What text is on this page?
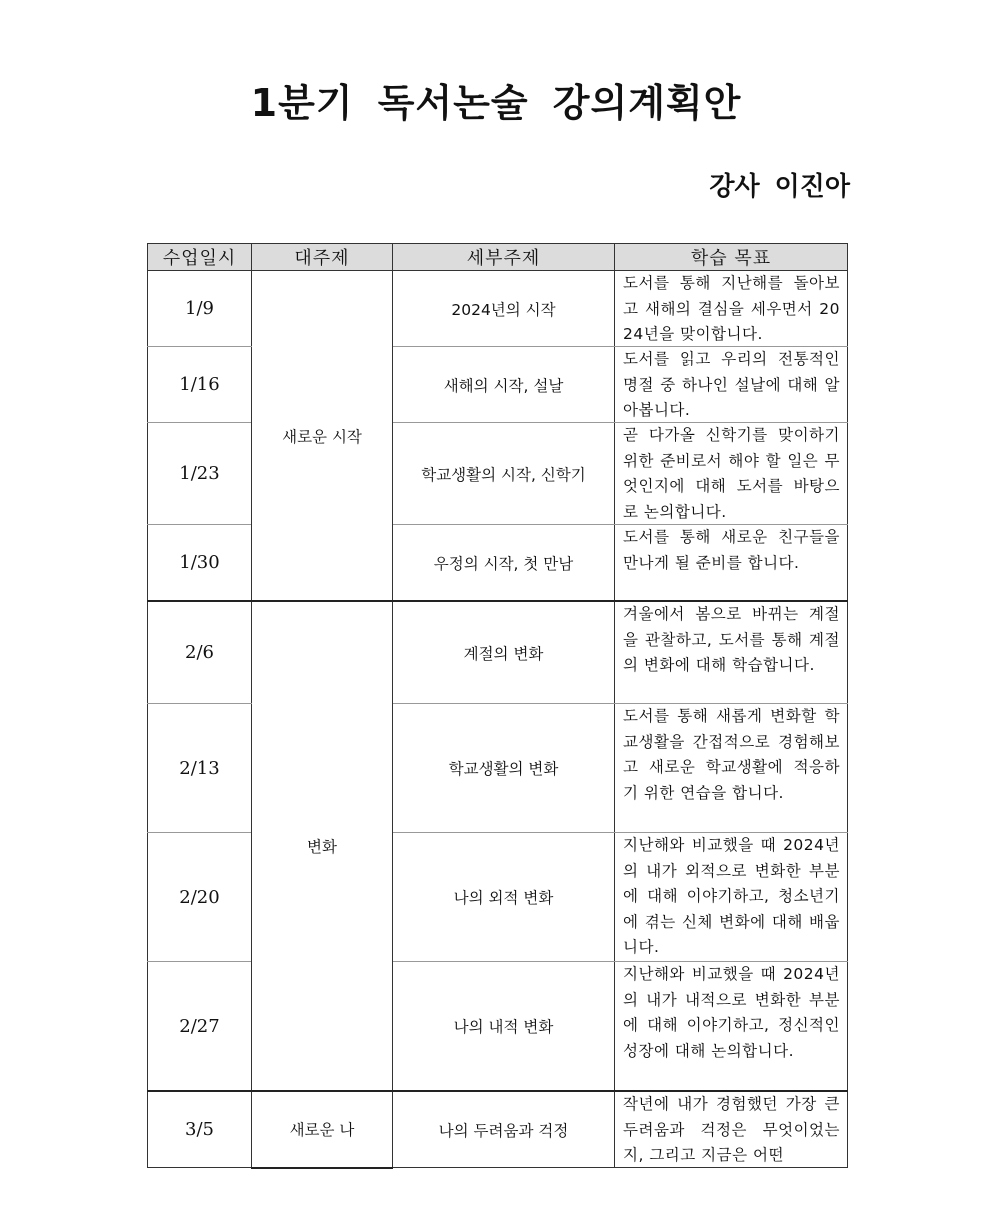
1분기 독서논술 강의계획안
강사 이진아
수업일시	대주제	세부주제	학습 목표
1/9	새로운 시작	2024년의 시작	도서를 통해 지난해를 돌아보고 새해의 결심을 세우면서 2024년을 맞이합니다.

1/16		새해의 시작, 설날	도서를 읽고 우리의 전통적인 명절 중 하나인 설날에 대해 알아봅니다.

1/23		학교생활의 시작, 신학기	곧 다가올 신학기를 맞이하기 위한 준비로서 해야 할 일은 무엇인지에 대해 도서를 바탕으로 논의합니다.

1/30		우정의 시작, 첫 만남	도서를 통해 새로운 친구들을 만나게 될 준비를 합니다.

2/6	변화	계절의 변화	겨울에서 봄으로 바뀌는 계절을 관찰하고, 도서를 통해 계절의 변화에 대해 학습합니다.

2/13		학교생활의 변화	도서를 통해 새롭게 변화할 학교생활을 간접적으로 경험해보고 새로운 학교생활에 적응하기 위한 연습을 합니다.

2/20		나의 외적 변화	지난해와 비교했을 때 2024년의 내가 외적으로 변화한 부분에 대해 이야기하고, 청소년기에 겪는 신체 변화에 대해 배웁니다.

2/27		나의 내적 변화	지난해와 비교했을 때 2024년의 내가 내적으로 변화한 부분에 대해 이야기하고, 정신적인 성장에 대해 논의합니다.

3/5	새로운 나	나의 두려움과 걱정	작년에 내가 경험했던 가장 큰 두려움과 걱정은 무엇이었는지, 그리고 지금은 어떤
